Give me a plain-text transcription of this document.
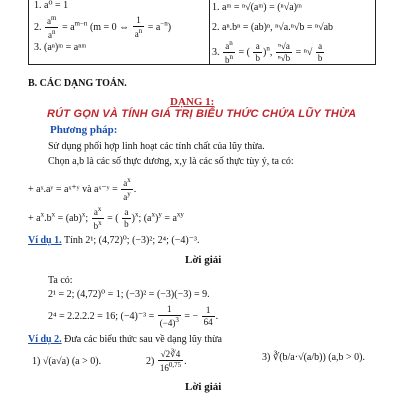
1. a⁰ = 1
2. $\frac{a^m}{a^n} = a^{m-n}$ (m = 0 ⇔ $\frac{1}{a^n} = a^{-n}$)
3. (aⁿ)ᵐ = aⁿᵐ
1. aᵐ = ⁿ√(aᵐ) = (ⁿ√a)ᵐ
2. aⁿ.bⁿ = (ab)ⁿ, ⁿ√a.ⁿ√b = ⁿ√ab
3. $\frac{a^n}{b^n}$ = ( $\frac{a}{b} )^n$, $\frac{\text{ⁿ√a}}{\text{ⁿ√b}} = ^n√ \frac{a}{b}$
B. CÁC DẠNG TOÁN.
DẠNG 1:
RÚT GỌN VÀ TÍNH GIÁ TRỊ BIỂU THỨC CHỨA LŨY THỪA
Phương pháp:
Sử dụng phối hợp linh hoạt các tính chất của lũy thừa.
Chọn a,b là các số thực dương, x,y là các số thực tùy ý, ta có:
+ aˣ.aʸ = aˣ⁺ʸ và aˣ⁻ʸ = $\frac{a^x}{a^y}$ .
+ $a^x.b^x = (ab)^x$; $\frac{a^x}{b^x}$ = ( $\frac{a}{b} )^x$; $(a^x)^y = a^{xy}$
Ví dụ 1. Tính 2¹; (4,72)⁰; (−3)²; 2⁴; (−4)⁻³.
Lời giải
Ta có:
2¹ = 2; (4,72)⁰ = 1; (−3)² = (−3)(−3) = 9.
2⁴ = 2.2.2.2 = 16; $(-4)^{-3} = \frac{1}{(-4)^3}$ = − $\frac{1}{64}$ .
Ví dụ 2. Đưa các biểu thức sau về dạng lũy thừa
1) √(a√a) (a > 0).	$2) \frac{√2∛4}{16^{0,75}}$ .	3) ∛(b/a·√(a/b)) (a,b > 0).
Lời giải
